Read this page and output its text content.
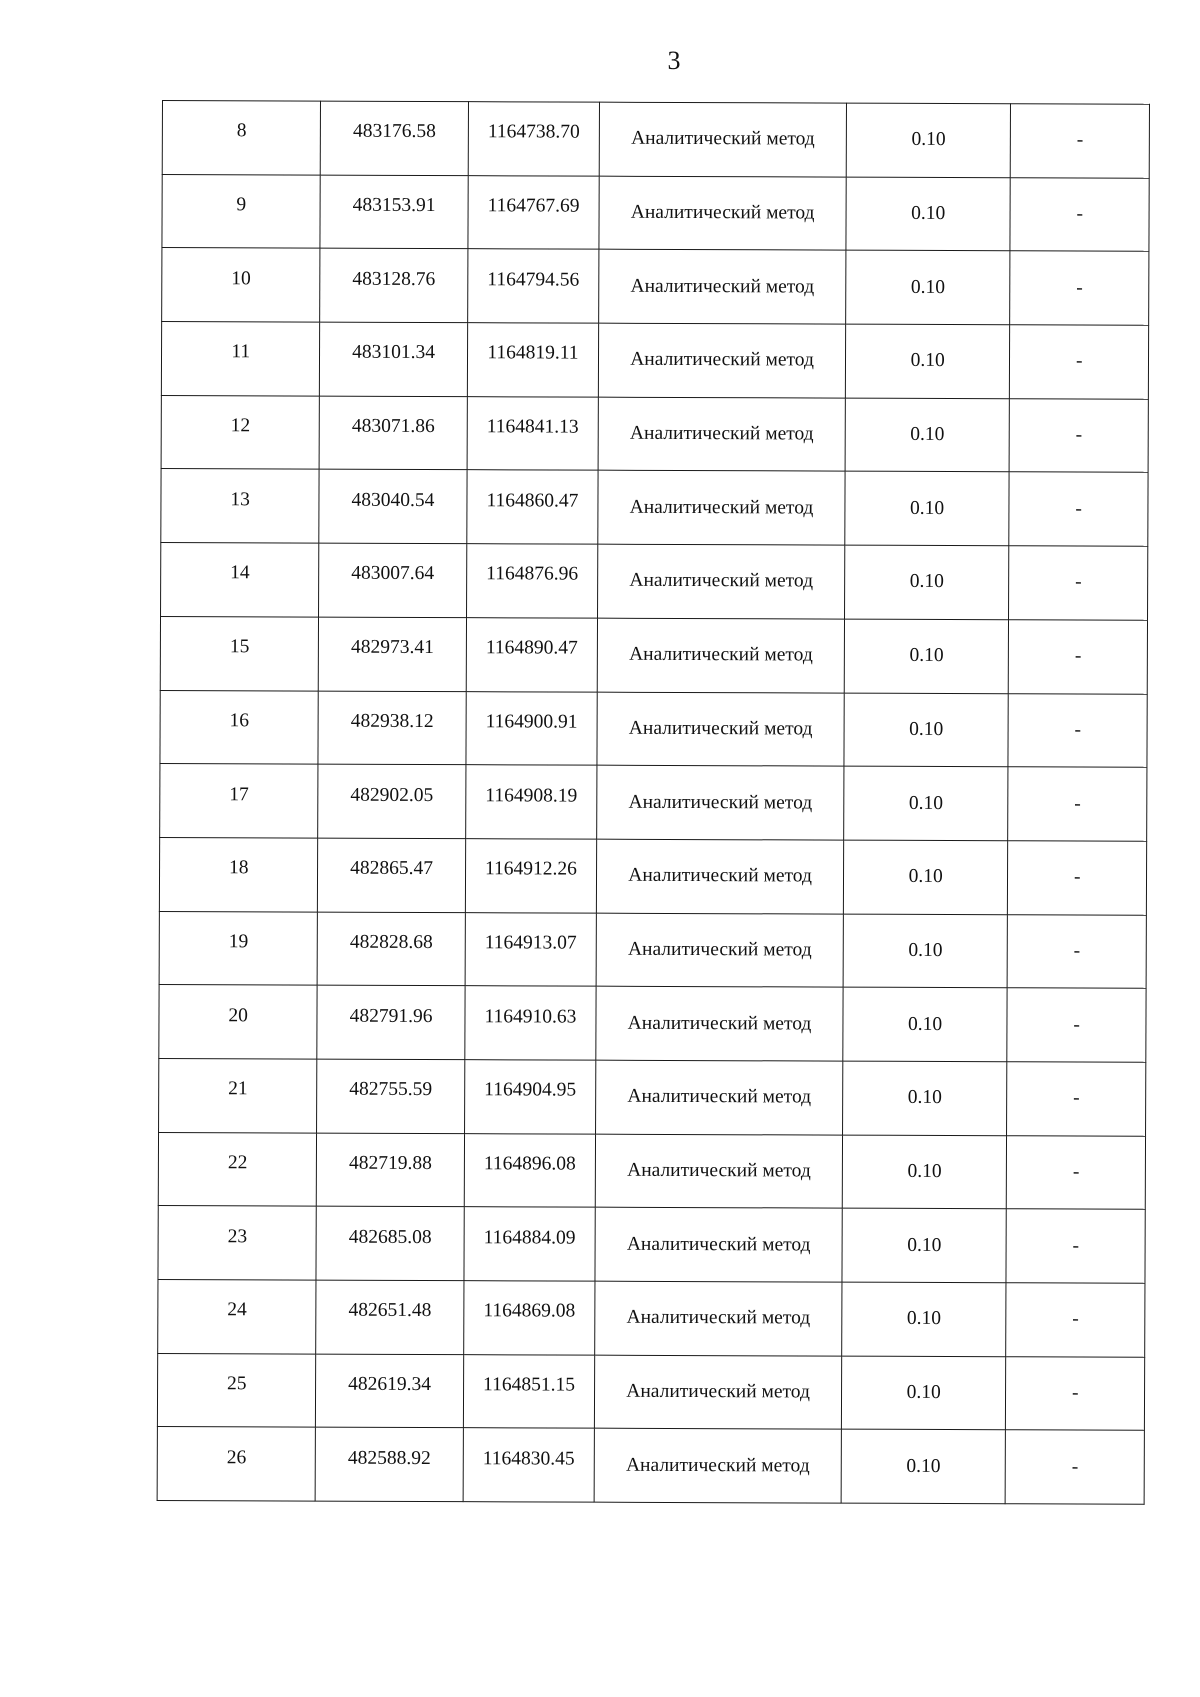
3
8	483176.58	1164738.70	Аналитический метод	0.10	-
9	483153.91	1164767.69	Аналитический метод	0.10	-
10	483128.76	1164794.56	Аналитический метод	0.10	-
11	483101.34	1164819.11	Аналитический метод	0.10	-
12	483071.86	1164841.13	Аналитический метод	0.10	-
13	483040.54	1164860.47	Аналитический метод	0.10	-
14	483007.64	1164876.96	Аналитический метод	0.10	-
15	482973.41	1164890.47	Аналитический метод	0.10	-
16	482938.12	1164900.91	Аналитический метод	0.10	-
17	482902.05	1164908.19	Аналитический метод	0.10	-
18	482865.47	1164912.26	Аналитический метод	0.10	-
19	482828.68	1164913.07	Аналитический метод	0.10	-
20	482791.96	1164910.63	Аналитический метод	0.10	-
21	482755.59	1164904.95	Аналитический метод	0.10	-
22	482719.88	1164896.08	Аналитический метод	0.10	-
23	482685.08	1164884.09	Аналитический метод	0.10	-
24	482651.48	1164869.08	Аналитический метод	0.10	-
25	482619.34	1164851.15	Аналитический метод	0.10	-
26	482588.92	1164830.45	Аналитический метод	0.10	-
